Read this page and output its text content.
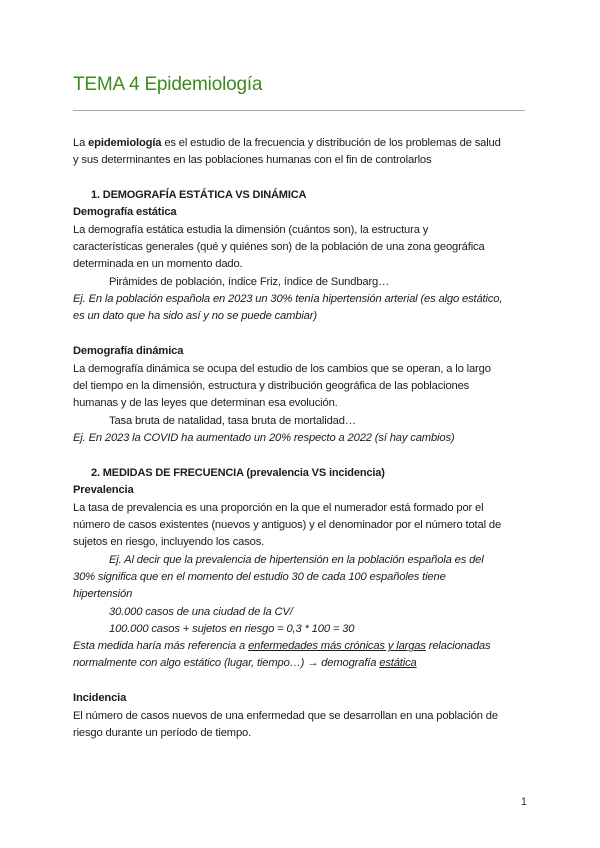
TEMA 4 Epidemiología

La epidemiología es el estudio de la frecuencia y distribución de los problemas de salud

y sus determinantes en las poblaciones humanas con el fin de controlarlos

1. DEMOGRAFÍA ESTÁTICA VS DINÁMICA

Demografía estática

La demografía estática estudia la dimensión (cuántos son), la estructura y

características generales (qué y quiénes son) de la población de una zona geográfica

determinada en un momento dado.

Pirámides de población, índice Friz, índice de Sundbarg…

Ej. En la población española en 2023 un 30% tenía hipertensión arterial (es algo estático,

es un dato que ha sido así y no se puede cambiar)

Demografía dinámica

La demografía dinámica se ocupa del estudio de los cambios que se operan, a lo largo

del tiempo en la dimensión, estructura y distribución geográfica de las poblaciones

humanas y de las leyes que determinan esa evolución.

Tasa bruta de natalidad, tasa bruta de mortalidad…

Ej. En 2023 la COVID ha aumentado un 20% respecto a 2022 (sí hay cambios)

2. MEDIDAS DE FRECUENCIA (prevalencia VS incidencia)

Prevalencia

La tasa de prevalencia es una proporción en la que el numerador está formado por el

número de casos existentes (nuevos y antiguos) y el denominador por el número total de

sujetos en riesgo, incluyendo los casos.

Ej. Al decir que la prevalencia de hipertensión en la población española es del

30% significa que en el momento del estudio 30 de cada 100 españoles tiene

hipertensión

30.000 casos de una ciudad de la CV/

100.000 casos + sujetos en riesgo = 0,3 * 100 = 30

Esta medida haría más referencia a enfermedades más crónicas y largas relacionadas

normalmente con algo estático (lugar, tiempo…) → demografía estática

Incidencia

El número de casos nuevos de una enfermedad que se desarrollan en una población de

riesgo durante un período de tiempo.

1
